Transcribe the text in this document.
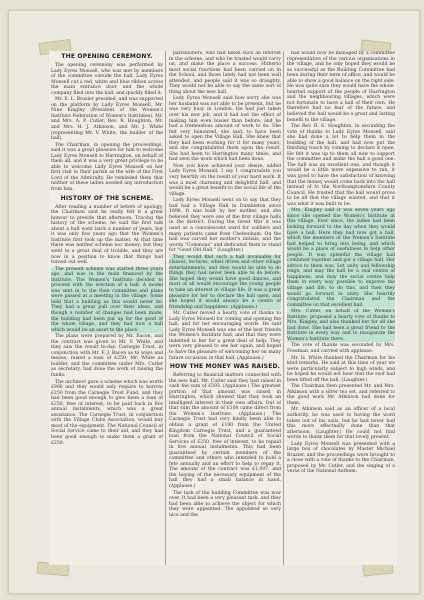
THE OPENING CEREMONY.

The opening ceremony was performed by Lady Eyres Monsell, who was met by members of the committee outside the hall. Lady Eyres Monsell cut a red, white and blue ribbon across the main entrance door, and the whole company filed into the hall, and quickly filled it.

Mr. E. L. Brazier presided, and was supported on the platform by Lady Eyres Monsell, Mr. Nine Kingley (President of the Women's Institute Federation of Women's Institutes), Mr. and Mrs. A. P. Cutler, Rev. R. Houghton, Mr. and Mrs. H. J. Atkinson, and Mr. J. White (representing Mr. V. White, the builder of the hall).

The Chairman, in opening the proceedings, said it was a great pleasure for him to welcome Lady Eyres Monsell to Harrington, on behalf of them all, and it was a very great privilege to be able to welcome Lady Eyres Monsell on her first visit to their parish as the wife of the First Lord of the Admiralty. He reminded them that neither of these ladies needed any introduction from him.

HISTORY OF THE SCHEME.

After reading a number of letters of apology, the Chairman said he really felt it a great honour to preside that afternoon. Tracing the history of the scheme, he said the first talk about a hall went back a number of years, but it was only five years ago that the Women's Institute first took up the matter. At that time there was neither scheme nor money; but they went to a great deal of trouble, and they are now in a position to know that things had turned out well.

The present scheme was started three years ago, and was in the main financed by the Institute. The Women's Institute decided to proceed with the erection of a hall. A model was sent in to the then committee and plans were passed at a meeting in the village. Some held that a building as this would never do. They had a great pull over their ideas, and though a number of changes had been made, the building had been put up for the good of the whole village, and they had now a hall which would be an asset to the place.

The plans were prepared by Mr. Bacon, and the contract was given to Mr. V. White, and they saw the result to-day. Carnegie Trust, in conjunction with Mr. F. J. Bacon as to ways and means, raised a loan of £250. Mr. White as builder, and the committee under Mrs. Cutler as secretary, had done the work of raising the funds.

The architect gave a scheme which was worth £900 and they would only require to borrow £250 from the Carnegie Trust Fund, and they had been good enough to give them a loan of £250, free of interest, to be paid back in five annual instalments, which was a great assistance. The Carnegie Trust, in conjunction with the Village Clubs Association, would buy most of the equipment. The National Council of Social Service came to their aid, and they had been good enough to make them a grant of £250.

parishioners, who had taken such an interest in the scheme, and who he trusted would carry on, and make the place a success. Hitherto most social functions had been carried on in the School, and those lately had not been well attended, and people said it was so draughty. They would not be able to say the same sort of thing about the new hall.

Lady Eyres Monsell said how sorry she was her husband was not able to be present, but he was very busy in London. He had just taken over his new job, and it had lost the effect of making him even busier than before, and he had a tremendous amount of work to do. She felt very honoured, she said, to have been asked to open the Village Hall. She knew that they had been working for it for many years, and she congratulated them upon the result. She had been to Harrington many times, and had seen the work which had been done.

Now you have achieved your desire, added Lady Eyres Monsell, I say I congratulate you very heartily on the result of your hard work. It was a most charming and delightful hall, and would be a great benefit to the social life of the village.

Lady Eyres Monsell went on to say that they had had a Village Hall in Dumbleton since 1896. It was built by her mother, and she believed they were one of the first village halls in the district. During the Great War it was used as a convalescent ward for soldiers and many patients came from Cheltenham. On the hall was carved her mother's initials, and the words "Commons" and dedicated them to stand for "Good Old Hall." (Laughter.)

They would find such a hall invaluable for classes, lectures, whist drives and other village entertainments, and they would be able to do things they had never been able to do before. She hoped they would have good dances, and most of all would encourage the young people to take an interest in village life. It was a great pleasure for her to declare the hall open, and she hoped it would always be a centre of friendship and happiness. (Applause.)

Mr. Cutler moved a hearty vote of thanks to Lady Eyres Monsell for coming and opening the hall, and for her encouraging words. He said Lady Eyres Monsell was one of the best friends the Women's Institute had, and that they were indebted to her for a great deal of help. They were very pleased to see her again, and hoped to have the pleasure of welcoming her on many future occasions in that hall. (Applause.)

HOW THE MONEY WAS RAISED.

Referring to financial matters connected with the new hall, Mr. Cutler said they had raised in cash the sum of £593. (Applause.) The greatest portion of that amount was raised in Harrington, which showed that they took an intelligent interest in their own affairs. Out of that sum the amount of £100 came direct from the Women's Institute. (Applause.) The Carnegie Trust had very kindly been able to obtain a grant of £100 from the United Kingdom Carnegie Trust, and a guaranteed loan from the National Council of Social Services of £250, free of interest, to be repaid in five annual instalments. This had been guaranteed by certain members of the committee and others who intended to hold a fete annually and an effort to help to repay it. The amount of the contract was £1,007, and the buying of the necessary equipment of the hall they had a small balance in hand. (Applause.)

The task of the building Committee was now over. It had been a very pleasant task, and they had been able to achieve the object for which they were appointed. The appointed so very nice and the

hall would now be managed by a committee representative of the various organisations in the village, and he only hoped they would be as successful as the Building Committee had been during their term of office, and would be able to show a good balance on the right side. He was quite sure they would have the whole-hearted support of the people of Harrington and the neighbouring villages, which were not fortunate to have a hall of their own. He therefore had no fear of the future, and believed the hall would be a great and lasting benefit to the village.

The Rev. R. E. Houghton, in seconding the vote of thanks to Lady Eyres Monsell, said she had done a lot to help them in the building of the hall, and had now put the finishing touch by coming to declare it open. He felt it was up to them all now to support the committee and make the hall a good one. The hall was an excellent one, and though it would be a little more expensive to run, it was good to have the satisfaction of knowing that the money would come back into the hall instead of to the Northamptonshire County Council. He trusted that the hall would prove to be all that the village wanted, and that it was what it was built to be.

Mrs. Kingley said it was seven years ago since she opened the Women's Institute at this village. Ever since, the ladies had been looking forward to the day when they would have a hall. Here they had now got a hall, which the members of the Women's Institute had helped to bring into being, and which would be a place of usefulness to help other people. It was splendid the village had combined together and got a village hall. Her advice to them was, Let unity and fellowship reign, and may the hall be a real centre of happiness; and may the social centre help them in every way possible to improve the village and life, to do this, and then they would go forward in unity. She heartily congratulated the Chairman and the committee on that excellent hall.

Mrs. Cutler, on behalf of the Women's Institute, proposed a hearty vote of thanks to Mrs. Kingley, and also thanked her for all she had done. She had been a great friend to the Institute in every way and to inaugurate the Women's Institute there.

The vote of thanks was seconded by Mrs. Freeman, and carried with applause.

Mr. H. White thanked the Chairman for his kind remarks. He said at this time of year we were particularly subject to high winds, and he hoped he would not hear that the roof had been lifted off the hall. (Laughter.)

The Chairman then presented Mr. and Mrs. Atkinson with a silver tea set, and referred to the good work Mr. Atkinson had done for them.

Mr. Atkinson said as an officer of a local authority, he was used to having the word taken out of his sails, but he had never had this more effectually done than that afternoon. (Laughter.) He could not find words to thank them for that lovely present.

Lady Eyres Monsell was presented with a large box of chocolates by Master Michael Brazier, and the proceedings were brought to a close with a vote of thanks to the Chairman, proposed by Mr. Cutler, and the singing of a verse of the National Anthem.
